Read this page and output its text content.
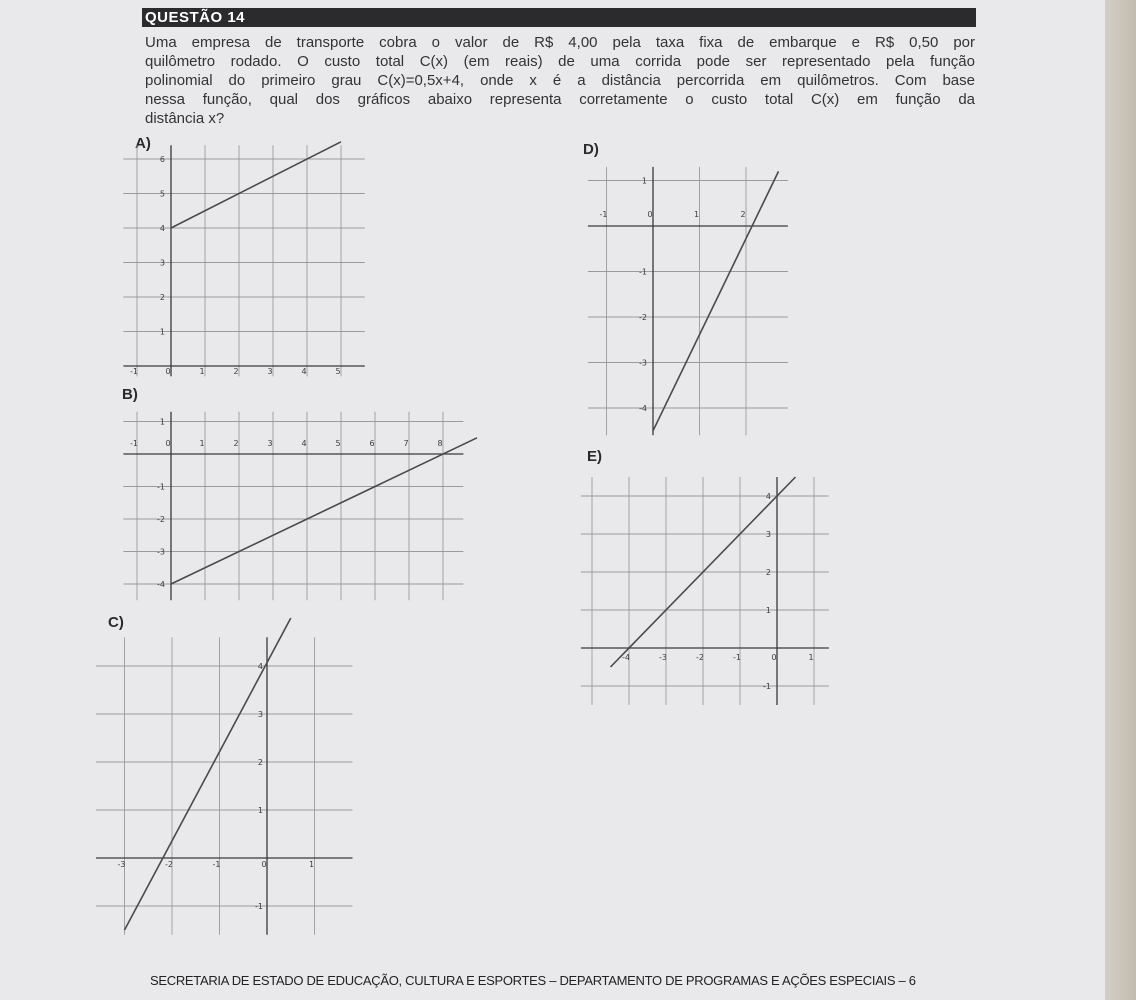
QUESTÃO 14
Uma empresa de transporte cobra o valor de R$ 4,00 pela taxa fixa de embarque e R$ 0,50 por
quilômetro rodado. O custo total C(x) (em reais) de uma corrida pode ser representado pela função
polinomial do primeiro grau C(x)=0,5x+4, onde x é a distância percorrida em quilômetros. Com base
nessa função, qual dos gráficos abaixo representa corretamente o custo total C(x) em função da
distância x?
A)
B)
C)
D)
E)
-1	0	1	2	3	4	5
1
2
3
4
5
6
-1	0	1	2	3	4	5	6	7	8
1
-1
-2
-3
-4
-3	-2	-1	0	1
4
3
2
1
-1
-1	0	1	2
1
-1
-2
-3
-4
-4	-3	-2	-1	0	1
4
3
2
1
-1
SECRETARIA DE ESTADO DE EDUCAÇÃO, CULTURA E ESPORTES – DEPARTAMENTO DE PROGRAMAS E AÇÕES ESPECIAIS – 6
